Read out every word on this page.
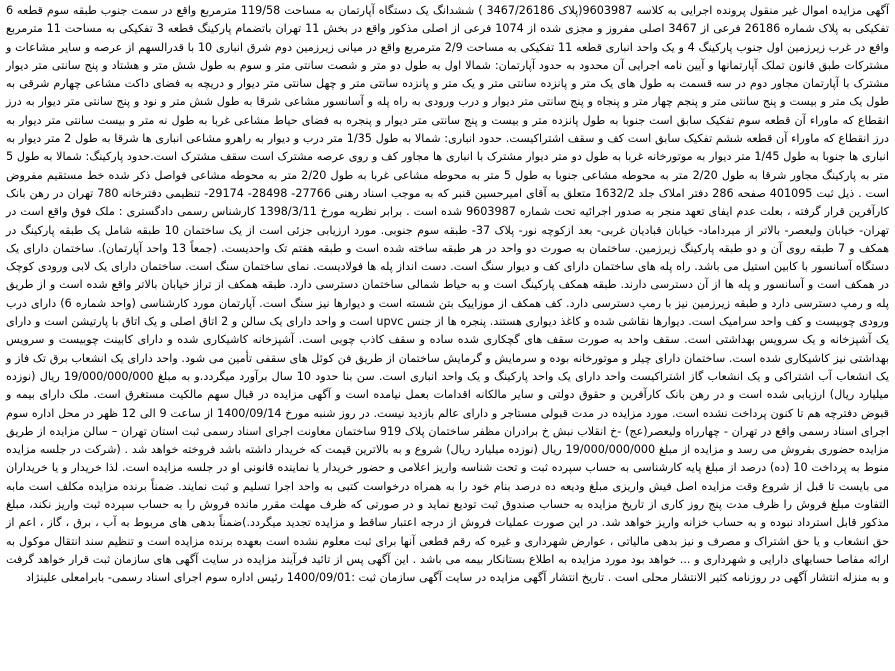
آگهی مزایده اموال غیر منقول پرونده اجرایی به کلاسه 9603987(پلاک 3467/26186 ) ششدانگ یک دستگاه آپارتمان به مساحت 119/58 مترمربع واقع در سمت جنوب طبقه سوم قطعه 6 تفکیکی به پلاک شماره 26186 فرعی از 3467 اصلی مفروز و مجزی شده از 1074 فرعی از اصلی مذکور واقع در بخش 11 تهران باتضمام پارکینگ قطعه 3 تفکیکی به مساحت 11 مترمربع واقع در غرب زیرزمین اول جنوب پارکینگ 4 و یک واحد انباری قطعه 11 تفکیکی به مساحت 2/9 مترمربع واقع در میانی زیرزمین دوم شرق انباری 10 با قدرالسهم از عرصه و سایر مشاعات و مشترکات طبق قانون تملک آپارتمانها و آیین نامه اجرایی آن محدود به حدود آپارتمان: شمالا اول به طول دو متر و شصت سانتی متر و سوم به طول شش متر و هشتاد و پنج سانتی متر دیوار مشترک با آپارتمان مجاور دوم در سه قسمت به طول های یک متر و پانزده سانتی متر و یک متر و پانزده سانتی متر و چهل سانتی متر دیوار و دریچه به فضای داکت مشاعی چهارم شرقی به طول یک متر و بیست و پنج سانتی متر و پنجم چهار متر و پنجاه و پنج سانتی متر دیوار و درب ورودی به راه پله و آسانسور مشاعی شرقا به طول شش متر و نود و پنج سانتی متر دیوار به درز انقطاع که ماوراء آن قطعه سوم تفکیک سابق است جنوبا به طول پانزده متر و بیست و پنج سانتی متر دیوار و پنجره به فضای حیاط مشاعی غربا به طول نه متر و بیست سانتی متر دیوار به درز انقطاع که ماوراء آن قطعه ششم تفکیک سابق است کف و سقف اشتراکیست. حدود انباری: شمالا به طول 1/35 متر درب و دیوار به راهرو مشاعی انباری ها شرقا به طول 2 متر دیوار به انباری ها جنوبا به طول 1/45 متر دیوار به موتورخانه غربا به طول دو متر دیوار مشترک با انباری ها مجاور کف و روی عرصه مشترک است سقف مشترک است.حدود پارکینگ: شمالا به طول 5 متر به پارکینگ مجاور شرقا به طول 2/20 متر به محوطه مشاعی جنوبا به طول 5 متر به محوطه مشاعی غربا به طول 2/20 متر به محوطه مشاعی فواصل ذکر شده خط مستقیم مفروض است . ذیل ثبت 401095 صفحه 286 دفتر املاک جلد 1632/2 متعلق به آقای امیرحسین قنبر که به موجب اسناد رهنی 27766- 28498- 29174- تنظیمی دفترخانه 780 تهران در رهن بانک کارآفرین قرار گرفته ، بعلت عدم ایفای تعهد منجر به صدور اجرائیه تحت شماره 9603987 شده است . برابر نظریه مورخ 1398/3/11 کارشناس رسمی دادگستری : ملک فوق واقع است در تهران- خیابان ولیعصر- بالاتر از میرداماد- خیابان قبادیان غربی- بعد ازکوچه نور- پلاک 37- طبقه سوم جنوبی. مورد ارزیابی جزئی است از یک ساختمان 10 طبقه شامل یک طبقه پارکینگ در همکف و 7 طبقه روی آن و دو طبقه پارکینگ زیرزمین. ساختمان به صورت دو واحد در هر طبقه ساخته شده است و طبقه هفتم تک واحدیست. (جمعاً 13 واحد آپارتمان). ساختمان دارای یک دستگاه آسانسور با کابین استیل می باشد. راه پله های ساختمان دارای کف و دیوار سنگ است. دست انداز پله ها فولادیست. نمای ساختمان سنگ است. ساختمان دارای یک لابی ورودی کوچک در همکف است و آسانسور و پله ها از آن دسترسی دارند. طبقه همکف پارکینگ است و به حیاط شمالی ساختمان دسترسی دارد. طبقه همکف از تراز خیابان بالاتر واقع شده است و از طریق پله و رمپ دسترسی دارد و طبقه زیرزمین نیز با رمپ دسترسی دارد. کف همکف از موزاییک بتن شسته است و دیوارها نیز سنگ است. آپارتمان مورد کارشناسی (واحد شماره 6) دارای درب ورودی چوبیست و کف واحد سرامیک است. دیوارها نقاشی شده و کاغذ دیواری هستند. پنجره ها از جنس upvc است و واحد دارای یک سالن و 2 اتاق اصلی و یک اتاق با پارتیشن است و دارای یک آشپزخانه و یک سرویس بهداشتی است. سقف واحد به صورت سقف های گچکاری شده ساده و سقف کاذب چوبی است. آشپزخانه کاشیکاری شده و دارای کابینت چوبیست و سرویس بهداشتی نیز کاشیکاری شده است. ساختمان دارای چیلر و موتورخانه بوده و سرمایش و گرمایش ساختمان از طریق فن کوئل های سقفی تأمین می شود. واحد دارای یک انشعاب برق تک فاز و یک انشعاب آب اشتراکی و یک انشعاب گاز اشتراکیست واحد دارای یک واحد پارکینگ و یک واحد انباری است. سن بنا حدود 10 سال برآورد میگردد.و به مبلغ 19/000/000/000 ریال (نوزده میلیارد ریال) ارزیابی شده است و در رهن بانک کارآفرین و حقوق دولتی و سایر مالکانه اقدامات بعمل نیامده است و آگهی مزایده در قبال سهم مالکیت مستغرق است. ملک دارای بیمه و قبوض دفترچه هم تا کنون پرداخت نشده است. مورد مزایده در مدت قبولی مستاجر و دارای عالم بازدید نیست. در روز شنبه مورخ 1400/09/14 از ساعت 9 الی 12 ظهر در محل اداره سوم اجرای اسناد رسمی واقع در تهران - چهارراه ولیعصر(عج) -خ انقلاب نبش خ برادران مظفر ساختمان پلاک 919 ساختمان معاونت اجرای اسناد رسمی ثبت استان تهران – سالن مزایده از طریق مزایده حضوری بفروش می رسد و مزایده از مبلغ 19/000/000/000 ریال (نوزده میلیارد ریال) شروع و به بالاترین قیمت که خریدار داشته باشد فروخته خواهد شد . (شرکت در جلسه مزایده منوط به پرداخت 10 (ده) درصد از مبلغ پایه کارشناسی به حساب سپرده ثبت و تحت شناسه واریز اعلامی و حضور خریدار یا نماینده قانونی او در جلسه مزایده است. لذا خریدار و یا خریداران می بایست تا قبل از شروع وقت مزایده اصل فیش واریزی مبلغ ودیعه ده درصد بنام خود را به همراه درخواست کتبی به واحد اجرا تسلیم و ثبت نمایند. ضمناً برنده مزایده مکلف است مابه التفاوت مبلغ فروش را ظرف مدت پنج روز کاری از تاریخ مزایده به حساب صندوق ثبت تودیع نماید و در صورتی که ظرف مهلت مقرر مانده فروش را به حساب سپرده ثبت واریز نکند، مبلغ مذکور قابل استرداد نبوده و به حساب خزانه واریز خواهد شد. در این صورت عملیات فروش از درجه اعتبار ساقط و مزایده تجدید میگردد.)ضمناً بدهی های مربوط به آب ، برق ، گاز ، اعم از حق انشعاب و یا حق اشتراک و مصرف و نیز بدهی مالیاتی ، عوارض شهرداری و غیره که رقم قطعی آنها برای ثبت معلوم نشده است بعهده برنده مزایده است و تنظیم سند انتقال موکول به ارائه مفاصا حسابهای دارایی و شهرداری و ... خواهد بود مورد مزایده به اطلاع بستانکار بیمه می باشد . این آگهی پس از تائید فرآیند مزایده در سایت آگهی های سازمان ثبت قرار خواهد گرفت و به منزله انتشار آگهی در روزنامه کثیر الانتشار محلی است . تاریخ انتشار آگهی مزایده در سایت آگهی سازمان ثبت :1400/09/01 رئیس اداره سوم اجرای اسناد رسمی- بابرامعلی علینژاد
